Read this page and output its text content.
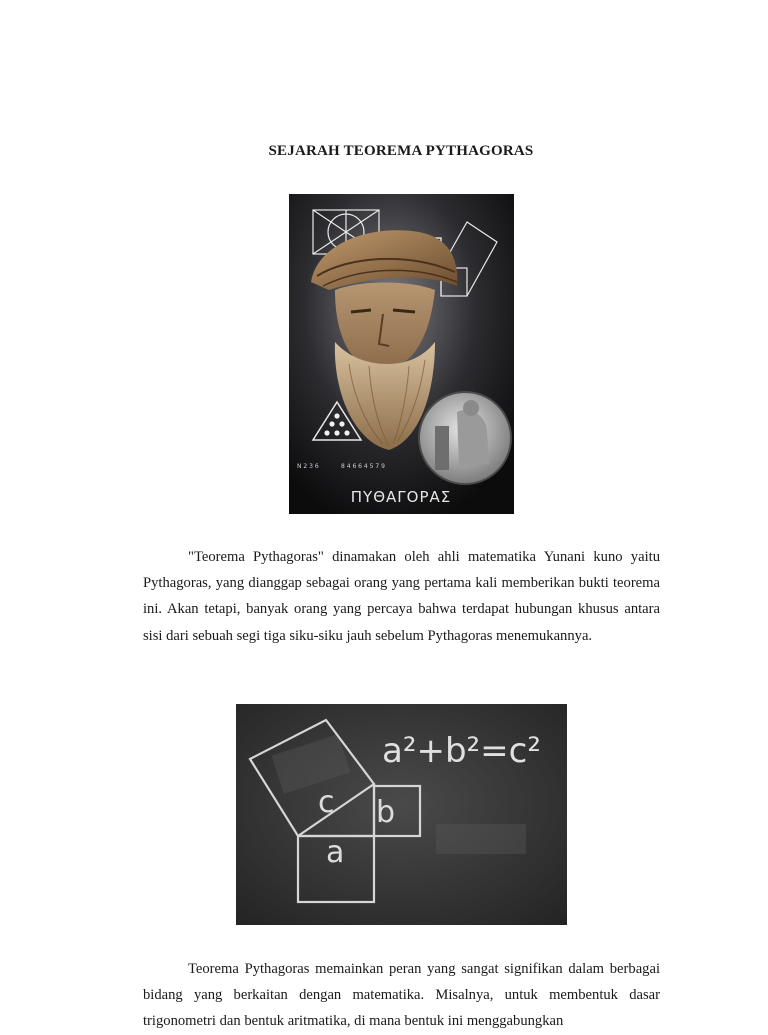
SEJARAH TEOREMA PYTHAGORAS
N 2 3 6	8 4 6 6 4 5 7 9
ΠΥΘΑΓΟΡΑΣ

"Teorema Pythagoras" dinamakan oleh ahli matematika Yunani kuno yaitu Pythagoras, yang dianggap sebagai orang yang pertama kali memberikan bukti teorema ini. Akan tetapi, banyak orang yang percaya bahwa terdapat hubungan khusus antara sisi dari sebuah segi tiga siku-siku jauh sebelum Pythagoras menemukannya.

c b
a
a²+b²=c²

Teorema Pythagoras memainkan peran yang sangat signifikan dalam berbagai bidang yang berkaitan dengan matematika. Misalnya, untuk membentuk dasar trigonometri dan bentuk aritmatika, di mana bentuk ini menggabungkan
